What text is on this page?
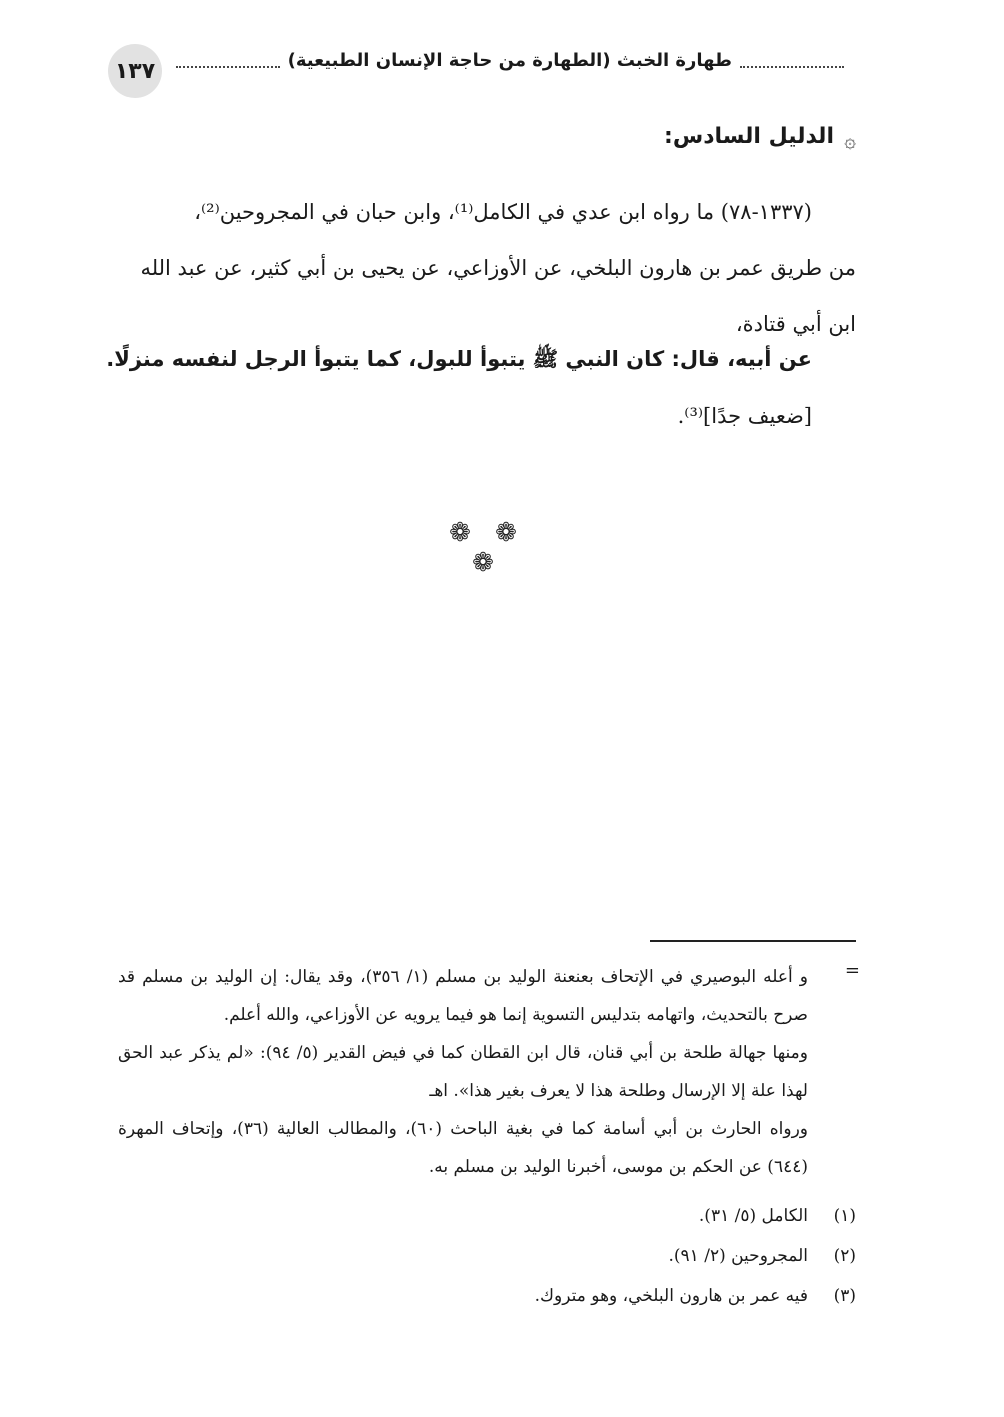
١٣٧	طهارة الخبث (الطهارة من حاجة الإنسان الطبيعية)
۞
الدليل السادس:

(١٣٣٧-٧٨) ما رواه ابن عدي في الكامل⁽¹⁾، وابن حبان في المجروحين⁽²⁾،

من طريق عمر بن هارون البلخي، عن الأوزاعي، عن يحيى بن أبي كثير، عن عبد الله

ابن أبي قتادة،

عن أبيه، قال: كان النبي ﷺ يتبوأ للبول، كما يتبوأ الرجل لنفسه منزلًا.
[ضعيف جدًا]⁽³⁾.
❁ ❁ ❁
=

و أعله البوصيري في الإتحاف بعنعنة الوليد بن مسلم (١/ ٣٥٦)، وقد يقال: إن الوليد بن مسلم قد صرح بالتحديث، واتهامه بتدليس التسوية إنما هو فيما يرويه عن الأوزاعي، والله أعلم.

ومنها جهالة طلحة بن أبي قنان، قال ابن القطان كما في فيض القدير (٥/ ٩٤): «لم يذكر عبد الحق لهذا علة إلا الإرسال وطلحة هذا لا يعرف بغير هذا». اهـ

ورواه الحارث بن أبي أسامة كما في بغية الباحث (٦٠)، والمطالب العالية (٣٦)، وإتحاف المهرة (٦٤٤) عن الحكم بن موسى، أخبرنا الوليد بن مسلم به.

(١)الكامل (٥/ ٣١).
(٢)المجروحين (٢/ ٩١).
(٣)فيه عمر بن هارون البلخي، وهو متروك.
